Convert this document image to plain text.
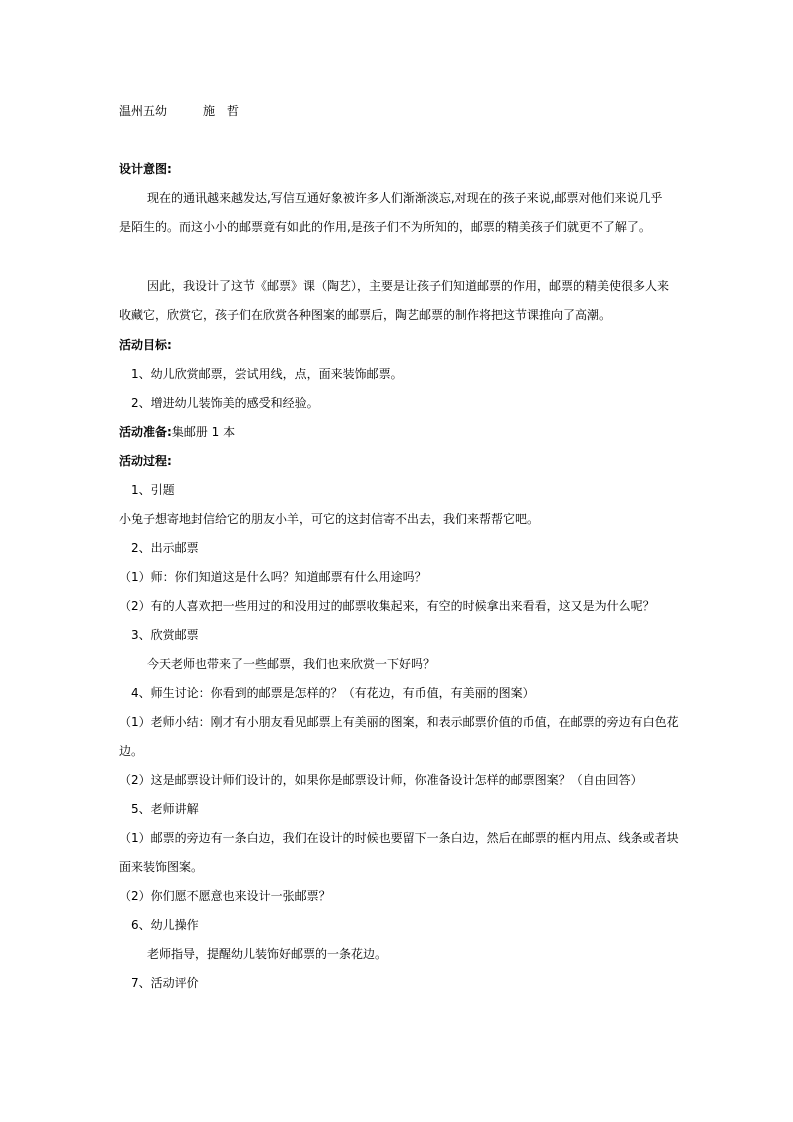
温州五幼	施　哲
设计意图:
现在的通讯越来越发达,写信互通好象被许多人们渐渐淡忘,对现在的孩子来说,邮票对他们来说几乎
是陌生的。而这小小的邮票竟有如此的作用,是孩子们不为所知的，邮票的精美孩子们就更不了解了。
因此，我设计了这节《邮票》课（陶艺），主要是让孩子们知道邮票的作用，邮票的精美使很多人来
收藏它，欣赏它，孩子们在欣赏各种图案的邮票后，陶艺邮票的制作将把这节课推向了高潮。
活动目标:
1、幼儿欣赏邮票，尝试用线，点，面来装饰邮票。
2、增进幼儿装饰美的感受和经验。
活动准备:集邮册 1 本
活动过程:
1、引题
小兔子想寄地封信给它的朋友小羊，可它的这封信寄不出去，我们来帮帮它吧。
2、出示邮票
（1）师：你们知道这是什么吗？知道邮票有什么用途吗？
（2）有的人喜欢把一些用过的和没用过的邮票收集起来，有空的时候拿出来看看，这又是为什么呢？
3、欣赏邮票
今天老师也带来了一些邮票，我们也来欣赏一下好吗？
4、师生讨论：你看到的邮票是怎样的？（有花边，有币值，有美丽的图案）
（1）老师小结：刚才有小朋友看见邮票上有美丽的图案，和表示邮票价值的币值，在邮票的旁边有白色花
边。
（2）这是邮票设计师们设计的，如果你是邮票设计师，你准备设计怎样的邮票图案？（自由回答）
5、老师讲解
（1）邮票的旁边有一条白边，我们在设计的时候也要留下一条白边，然后在邮票的框内用点、线条或者块
面来装饰图案。
（2）你们愿不愿意也来设计一张邮票？
6、幼儿操作
老师指导，提醒幼儿装饰好邮票的一条花边。
7、活动评价
